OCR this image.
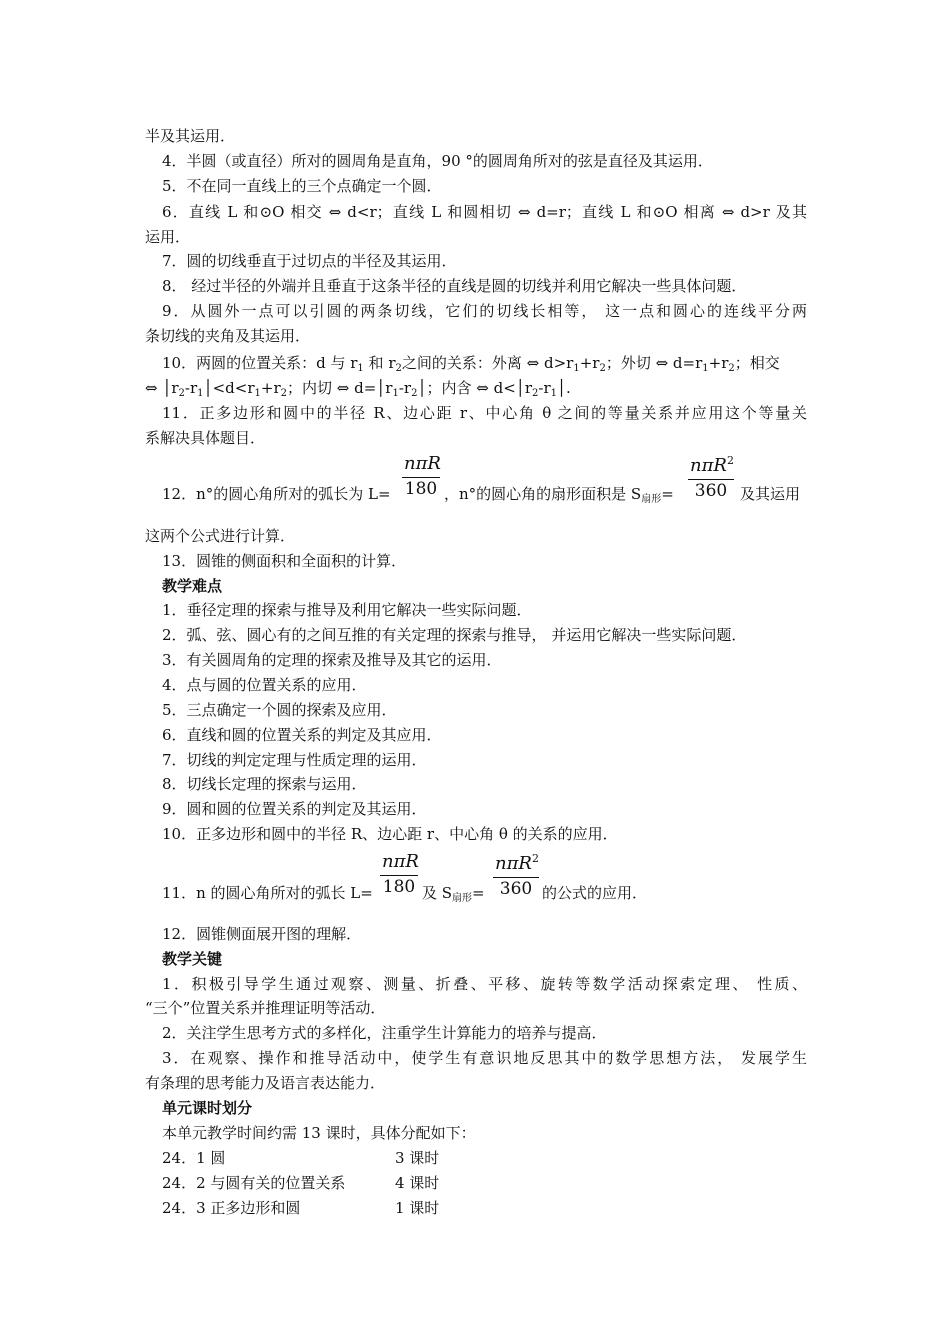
半及其运用．
4．半圆（或直径）所对的圆周角是直角，90 °的圆周角所对的弦是直径及其运用．
5．不在同一直线上的三个点确定一个圆．
6．直线 L 和⊙O 相交 ⇔ d<r；直线 L 和圆相切 ⇔ d=r；直线 L 和⊙O 相离 ⇔ d>r 及其
运用．
7．圆的切线垂直于过切点的半径及其运用．
8． 经过半径的外端并且垂直于这条半径的直线是圆的切线并利用它解决一些具体问题．
9．从圆外一点可以引圆的两条切线，它们的切线长相等， 这一点和圆心的连线平分两
条切线的夹角及其运用．
10．两圆的位置关系：d 与 $r_1$ 和 $r_2$之间的关系：外离 ⇔ $d>r_1+r_2$；外切 ⇔ $d=r_1+r_2$；相交
⇔ $│r_2-r_1│<d<r_1+r_2$；内切 ⇔ $d=│r_1-r_2│$；内含 ⇔ $d<│r_2-r_1│$.
11．正多边形和圆中的半径 R、边心距 r、中心角 θ 之间的等量关系并应用这个等量关
系解决具体题目．
nπR
180
nπR$^2$
360
12．n°的圆心角所对的弧长为 L=	，n°的圆心角的扇形面积是 $S_{扇形}=$	及其运用
这两个公式进行计算．
13．圆锥的侧面积和全面积的计算．
教学难点
1．垂径定理的探索与推导及利用它解决一些实际问题．
2．弧、弦、圆心有的之间互推的有关定理的探索与推导， 并运用它解决一些实际问题．
3．有关圆周角的定理的探索及推导及其它的运用．
4．点与圆的位置关系的应用．
5．三点确定一个圆的探索及应用．
6．直线和圆的位置关系的判定及其应用．
7．切线的判定定理与性质定理的运用．
8．切线长定理的探索与运用．
9．圆和圆的位置关系的判定及其运用．
10．正多边形和圆中的半径 R、边心距 r、中心角 θ 的关系的应用．
nπR
180
nπR$^2$
360
11．n 的圆心角所对的弧长 L=	及 $S_{扇形}=$	的公式的应用．
12．圆锥侧面展开图的理解．
教学关键
1．积极引导学生通过观察、测量、折叠、平移、旋转等数学活动探索定理、 性质、
“三个”位置关系并推理证明等活动．
2．关注学生思考方式的多样化，注重学生计算能力的培养与提高．
3．在观察、操作和推导活动中，使学生有意识地反思其中的数学思想方法， 发展学生
有条理的思考能力及语言表达能力．
单元课时划分
本单元教学时间约需 13 课时，具体分配如下：
24．1 圆	3 课时
24．2 与圆有关的位置关系	4 课时
24．3 正多边形和圆	1 课时
